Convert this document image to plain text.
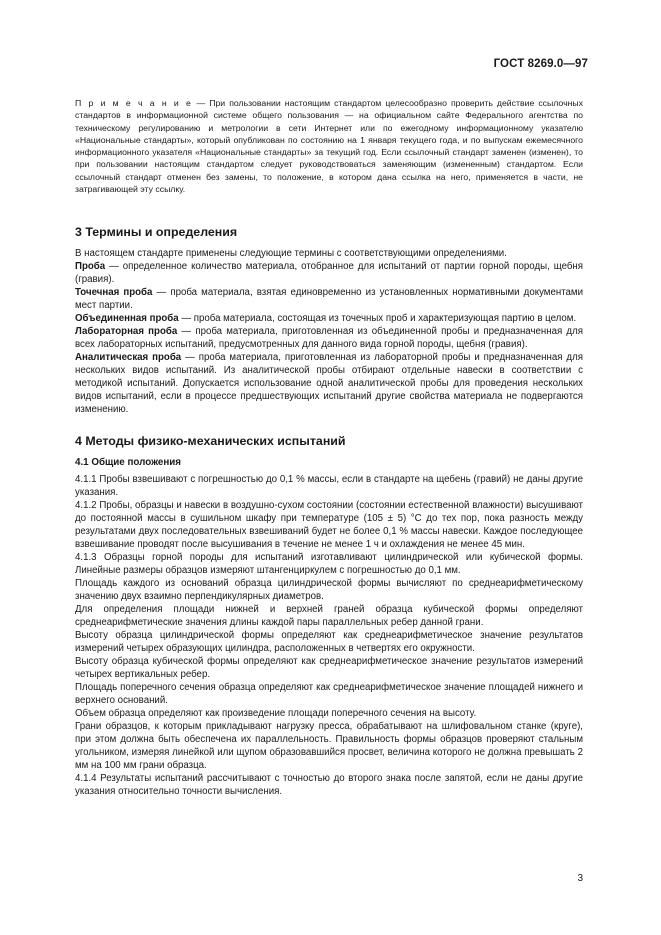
ГОСТ 8269.0—97

П р и м е ч а н и е — При пользовании настоящим стандартом целесообразно проверить действие ссылочных стандартов в информационной системе общего пользования — на официальном сайте Федерального агентства по техническому регулированию и метрологии в сети Интернет или по ежегодному информационному указателю «Национальные стандарты», который опубликован по состоянию на 1 января текущего года, и по выпускам ежемесячного информационного указателя «Национальные стандарты» за текущий год. Если ссылочный стандарт заменен (изменен), то при пользовании настоящим стандартом следует руководствоваться заменяющим (измененным) стандартом. Если ссылочный стандарт отменен без замены, то положение, в котором дана ссылка на него, применяется в части, не затрагивающей эту ссылку.

3 Термины и определения

В настоящем стандарте применены следующие термины с соответствующими определениями.

Проба — определенное количество материала, отобранное для испытаний от партии горной породы, щебня (гравия).

Точечная проба — проба материала, взятая единовременно из установленных нормативными документами мест партии.

Объединенная проба — проба материала, состоящая из точечных проб и характеризующая партию в целом.

Лабораторная проба — проба материала, приготовленная из объединенной пробы и предназначенная для всех лабораторных испытаний, предусмотренных для данного вида горной породы, щебня (гравия).

Аналитическая проба — проба материала, приготовленная из лабораторной пробы и предназначенная для нескольких видов испытаний. Из аналитической пробы отбирают отдельные навески в соответствии с методикой испытаний. Допускается использование одной аналитической пробы для проведения нескольких видов испытаний, если в процессе предшествующих испытаний другие свойства материала не подвергаются изменению.

4 Методы физико-механических испытаний
4.1 Общие положения

4.1.1 Пробы взвешивают с погрешностью до 0,1 % массы, если в стандарте на щебень (гравий) не даны другие указания.

4.1.2 Пробы, образцы и навески в воздушно-сухом состоянии (состоянии естественной влажности) высушивают до постоянной массы в сушильном шкафу при температуре (105 ± 5) °С до тех пор, пока разность между результатами двух последовательных взвешиваний будет не более 0,1 % массы навески. Каждое последующее взвешивание проводят после высушивания в течение не менее 1 ч и охлаждения не менее 45 мин.

4.1.3 Образцы горной породы для испытаний изготавливают цилиндрической или кубической формы. Линейные размеры образцов измеряют штангенциркулем с погрешностью до 0,1 мм.

Площадь каждого из оснований образца цилиндрической формы вычисляют по среднеарифметическому значению двух взаимно перпендикулярных диаметров.

Для определения площади нижней и верхней граней образца кубической формы определяют среднеарифметические значения длины каждой пары параллельных ребер данной грани.

Высоту образца цилиндрической формы определяют как среднеарифметическое значение результатов измерений четырех образующих цилиндра, расположенных в четвертях его окружности.

Высоту образца кубической формы определяют как среднеарифметическое значение результатов измерений четырех вертикальных ребер.

Площадь поперечного сечения образца определяют как среднеарифметическое значение площадей нижнего и верхнего оснований.

Объем образца определяют как произведение площади поперечного сечения на высоту.

Грани образцов, к которым прикладывают нагрузку пресса, обрабатывают на шлифовальном станке (круге), при этом должна быть обеспечена их параллельность. Правильность формы образцов проверяют стальным угольником, измеряя линейкой или щупом образовавшийся просвет, величина которого не должна превышать 2 мм на 100 мм грани образца.

4.1.4 Результаты испытаний рассчитывают с точностью до второго знака после запятой, если не даны другие указания относительно точности вычисления.

3
